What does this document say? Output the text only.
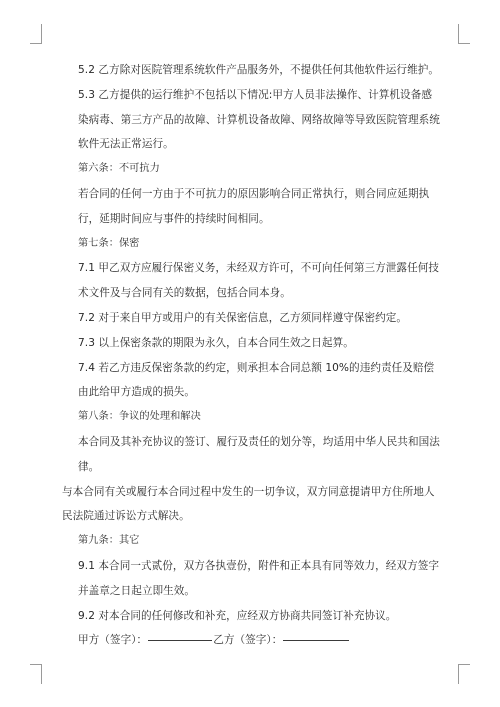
5.2 乙方除对医院管理系统软件产品服务外，不提供任何其他软件运行维护。

5.3 乙方提供的运行维护不包括以下情况:甲方人员非法操作、计算机设备感染病毒、第三方产品的故障、计算机设备故障、网络故障等导致医院管理系统软件无法正常运行。

第六条：不可抗力

若合同的任何一方由于不可抗力的原因影响合同正常执行，则合同应延期执行，延期时间应与事件的持续时间相同。

第七条：保密

7.1 甲乙双方应履行保密义务，未经双方许可，不可向任何第三方泄露任何技术文件及与合同有关的数据，包括合同本身。

7.2 对于来自甲方或用户的有关保密信息，乙方须同样遵守保密约定。

7.3 以上保密条款的期限为永久，自本合同生效之日起算。

7.4 若乙方违反保密条款的约定，则承担本合同总额 10%的违约责任及赔偿由此给甲方造成的损失。

第八条：争议的处理和解决

本合同及其补充协议的签订、履行及责任的划分等，均适用中华人民共和国法律。

与本合同有关或履行本合同过程中发生的一切争议，双方同意提请甲方住所地人民法院通过诉讼方式解决。

第九条：其它

9.1 本合同一式贰份，双方各执壹份，附件和正本具有同等效力，经双方签字并盖章之日起立即生效。

9.2 对本合同的任何修改和补充，应经双方协商共同签订补充协议。

甲方（签字）：	乙方（签字）：
